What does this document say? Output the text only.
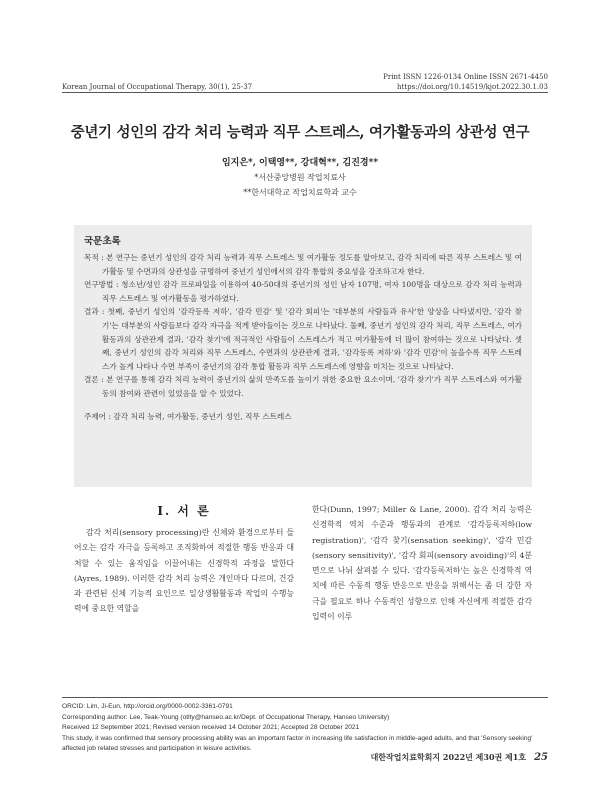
Print ISSN 1226-0134 Online ISSN 2671-4450
https://doi.org/10.14519/kjot.2022.30.1.03
Korean Journal of Occupational Therapy, 30(1), 25-37
중년기 성인의 감각 처리 능력과 직무 스트레스, 여가활동과의 상관성 연구
임지은*, 이택영**, 강대혁**, 김진경**
*서산중앙병원 작업치료사
**한서대학교 작업치료학과 교수
국문초록

목적 : 본 연구는 중년기 성인의 감각 처리 능력과 직무 스트레스 및 여가활동 정도를 알아보고, 감각 처리에 따른 직무 스트레스 및 여가활동 및 수면과의 상관성을 규명하여 중년기 성인에서의 감각 통합의 중요성을 강조하고자 한다.

연구방법 : 청소년/성인 감각 프로파일을 이용하여 40-50대의 중년기의 성인 남자 107명, 여자 100명을 대상으로 감각 처리 능력과 직무 스트레스 및 여가활동을 평가하였다.

결과 : 첫째, 중년기 성인의 '감각등록 저하', '감각 민감' 및 '감각 회피'는 '대부분의 사람들과 유사'한 양상을 나타냈지만, '감각 찾기'는 대부분의 사람들보다 감각 자극을 적게 받아들이는 것으로 나타났다. 둘째, 중년기 성인의 감각 처리, 직무 스트레스, 여가활동과의 상관관계 결과, '감각 찾기'에 적극적인 사람들이 스트레스가 적고 여가활동에 더 많이 참여하는 것으로 나타났다. 셋째, 중년기 성인의 감각 처리와 직무 스트레스, 수면과의 상관관계 결과, '감각등록 저하'와 '감각 민감'이 높을수록 직무 스트레스가 높게 나타나 수면 부족이 중년기의 감각 통합 활동과 직무 스트레스에 영향을 미치는 것으로 나타났다.

결론 : 본 연구를 통해 감각 처리 능력이 중년기의 삶의 만족도를 높이기 위한 중요한 요소이며, '감각 찾기'가 직무 스트레스와 여가활동의 참여와 관련이 있었음을 알 수 있었다.

주제어 : 감각 처리 능력, 여가활동, 중년기 성인, 직무 스트레스

Ⅰ. 서 론

감각 처리(sensory processing)란 신체와 환경으로부터 들어오는 감각 자극을 등록하고 조직화하여 적절한 행동 반응과 대처할 수 있는 움직임을 이끌어내는 신경학적 과정을 말한다(Ayres, 1989). 이러한 감각 처리 능력은 개인마다 다르며, 건강과 관련된 신체 기능적 요인으로 일상생활활동과 작업의 수행능력에 중요한 역할을

한다(Dunn, 1997; Miller & Lane, 2000). 감각 처리 능력은 신경학적 역치 수준과 행동과의 관계로 '감각등록저하(low registration)', '감각 찾기(sensation seeking)', '감각 민감(sensory sensitivity)', '감각 회피(sensory avoiding)'의 4분면으로 나뉘 살펴볼 수 있다. '감각등록저하'는 높은 신경학적 역치에 따른 수동적 행동 반응으로 반응을 위해서는 좀 더 강한 자극을 필요로 하나 수동적인 성향으로 인해 자신에게 적절한 감각 입력이 이루

ORCID: Lim, Ji-Eun, http://orcid.org/0000-0002-3361-0791
Corresponding author: Lee, Teak-Young (otlty@hanseo.ac.kr/Dept. of Occupational Therapy, Hanseo University)
Received 12 September 2021; Revised version received 14 October 2021; Accepted 28 October 2021
This study, it was confirmed that sensory processing ability was an important factor in increasing life satisfaction in middle-aged adults, and that 'Sensory seeking' affected job related stresses and participation in leisure activities.
대한작업치료학회지 2022년 제30권 제1호 25
